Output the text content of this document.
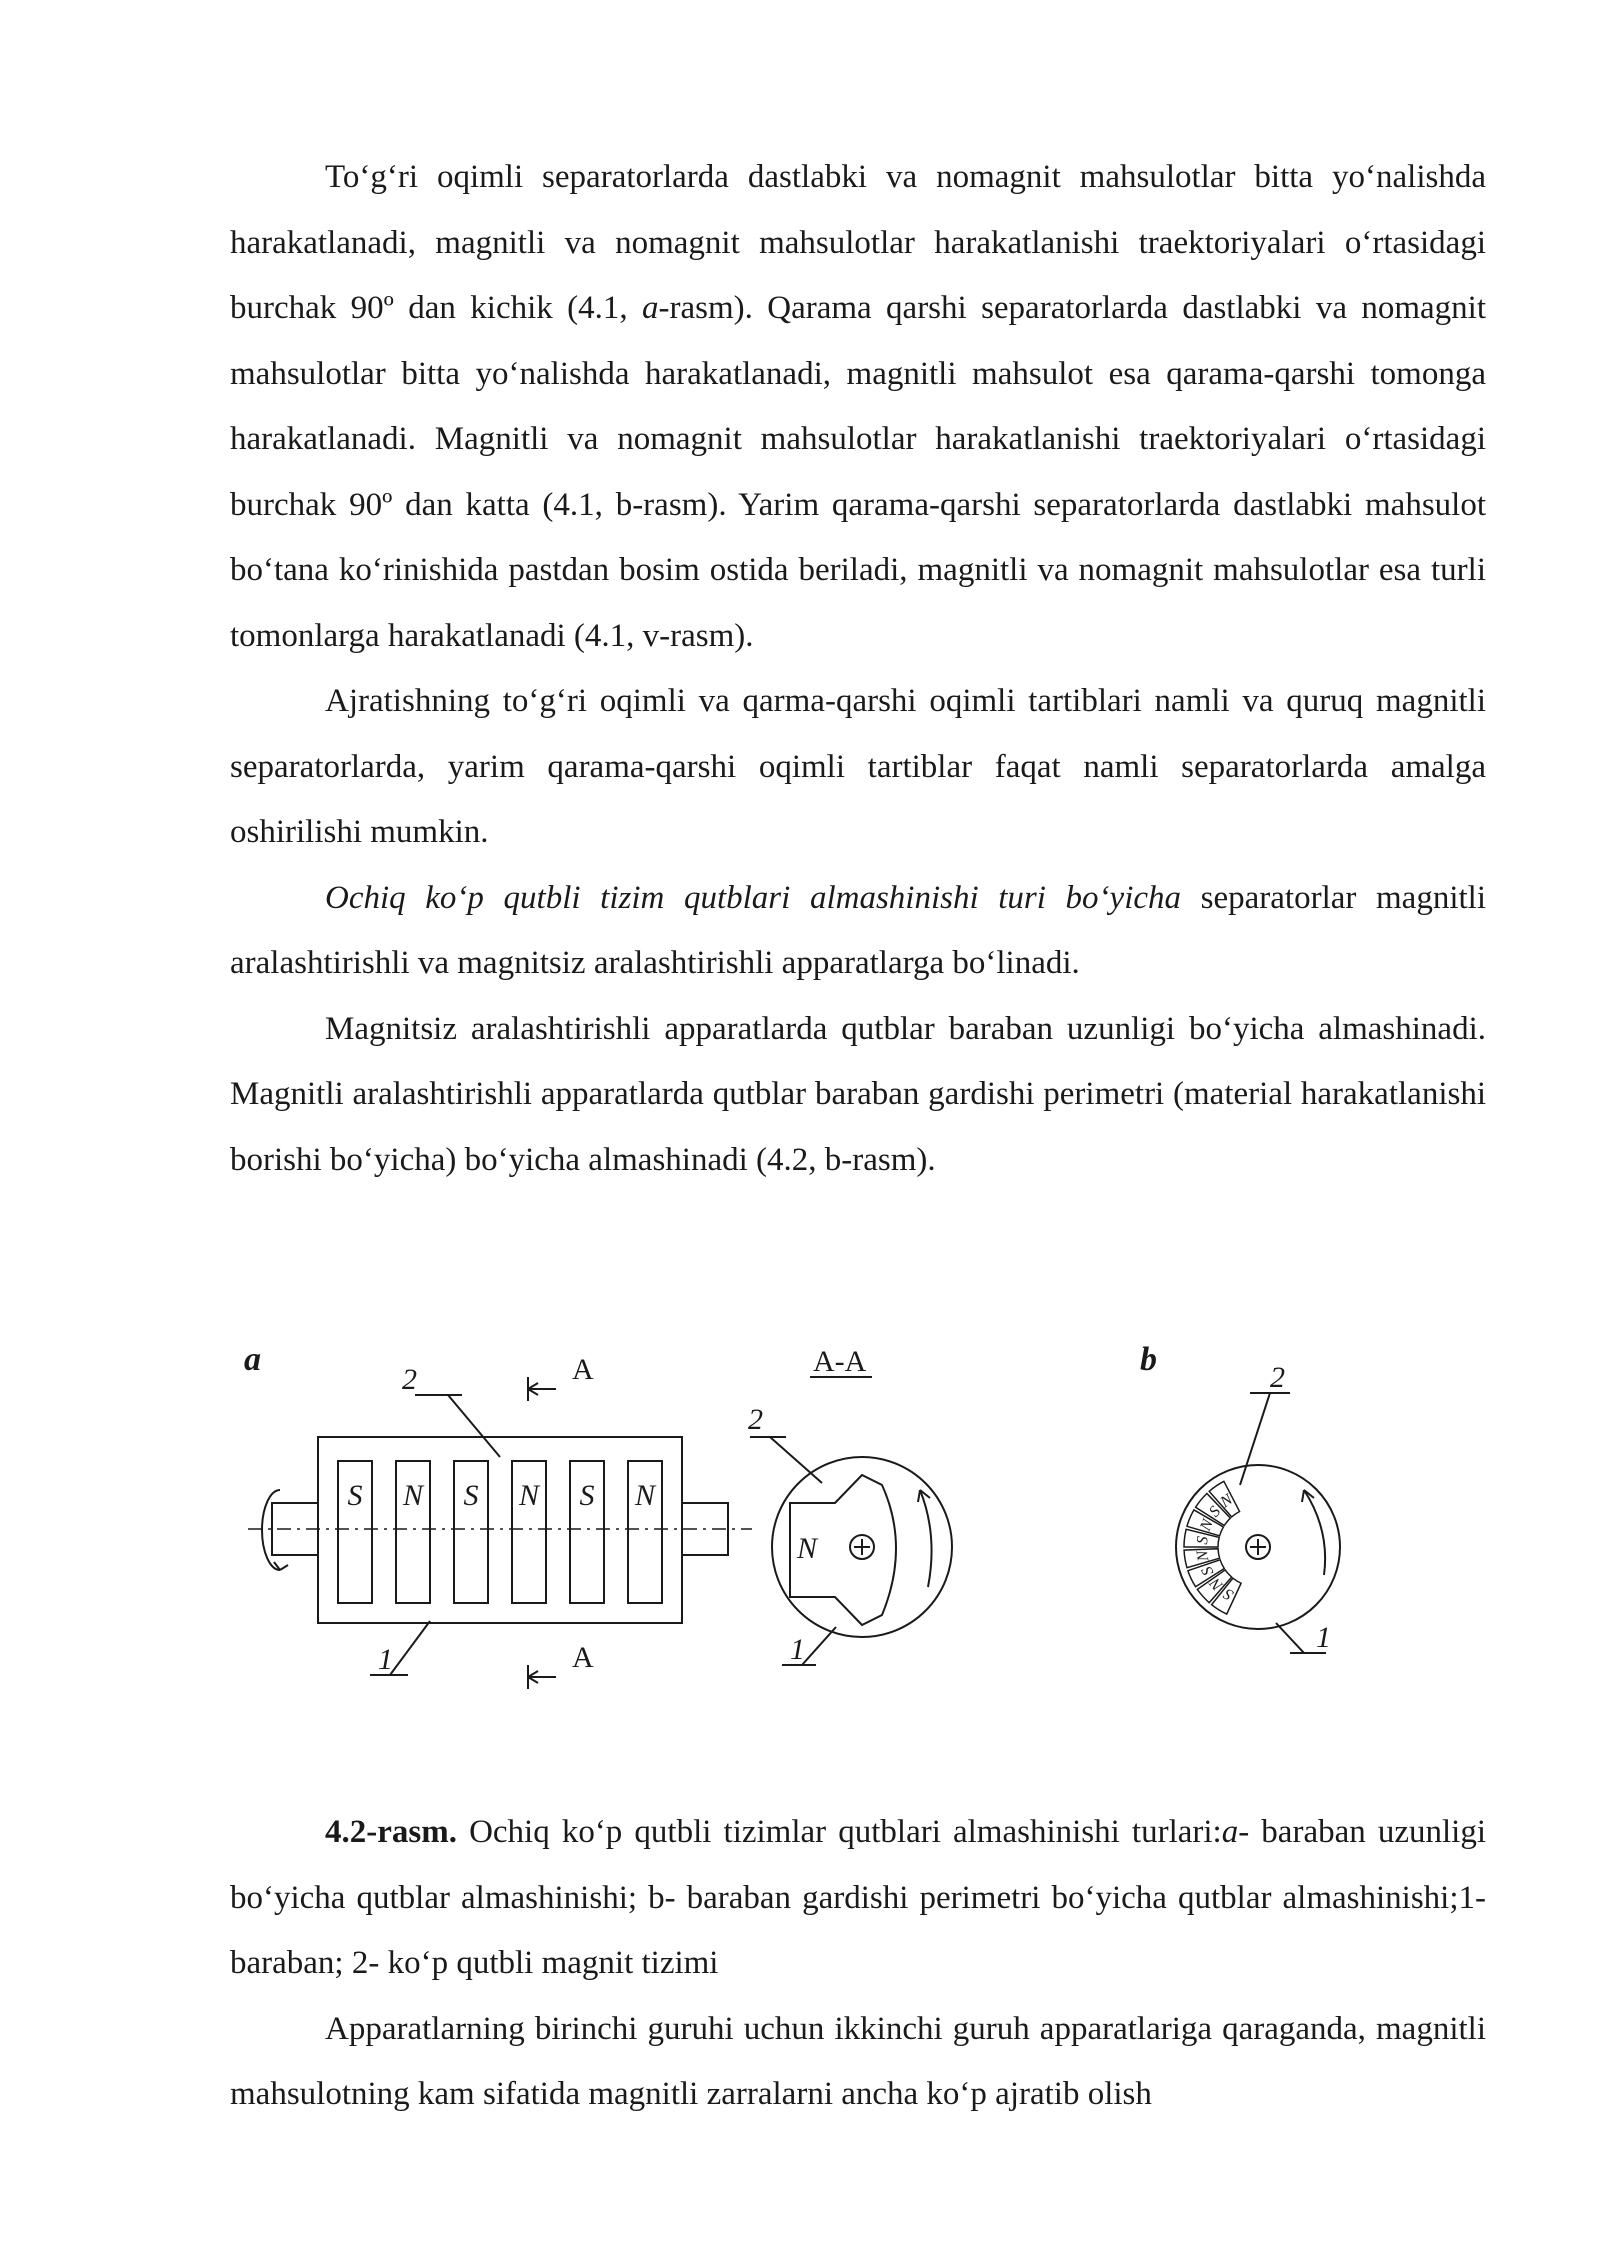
To‘g‘ri oqimli separatorlarda dastlabki va nomagnit mahsulotlar bitta yo‘nalishda harakatlanadi, magnitli va nomagnit mahsulotlar harakatlanishi traektoriyalari o‘rtasidagi burchak 90º dan kichik (4.1, a-rasm). Qarama qarshi separatorlarda dastlabki va nomagnit mahsulotlar bitta yo‘nalishda harakatlanadi, magnitli mahsulot esa qarama-qarshi tomonga harakatlanadi. Magnitli va nomagnit mahsulotlar harakatlanishi traektoriyalari o‘rtasidagi burchak 90º dan katta (4.1, b-rasm). Yarim qarama-qarshi separatorlarda dastlabki mahsulot bo‘tana ko‘rinishida pastdan bosim ostida beriladi, magnitli va nomagnit mahsulotlar esa turli tomonlarga harakatlanadi (4.1, v-rasm).

Ajratishning to‘g‘ri oqimli va qarma-qarshi oqimli tartiblari namli va quruq magnitli separatorlarda, yarim qarama-qarshi oqimli tartiblar faqat namli separatorlarda amalga oshirilishi mumkin.

Ochiq ko‘p qutbli tizim qutblari almashinishi turi bo‘yicha separatorlar magnitli aralashtirishli va magnitsiz aralashtirishli apparatlarga bo‘linadi.

Magnitsiz aralashtirishli apparatlarda qutblar baraban uzunligi bo‘yicha almashinadi. Magnitli aralashtirishli apparatlarda qutblar baraban gardishi perimetri (material harakatlanishi borishi bo‘yicha) bo‘yicha almashinadi (4.2, b-rasm).

a	b
A-A
A
A
2
1
2
1
N
2
1
S N S N S N
S
N
S
N
S
N
S
N

4.2-rasm. Ochiq ko‘p qutbli tizimlar qutblari almashinishi turlari:a- baraban uzunligi bo‘yicha qutblar almashinishi; b- baraban gardishi perimetri bo‘yicha qutblar almashinishi;1- baraban; 2- ko‘p qutbli magnit tizimi

Apparatlarning birinchi guruhi uchun ikkinchi guruh apparatlariga qaraganda, magnitli mahsulotning kam sifatida magnitli zarralarni ancha ko‘p ajratib olish
